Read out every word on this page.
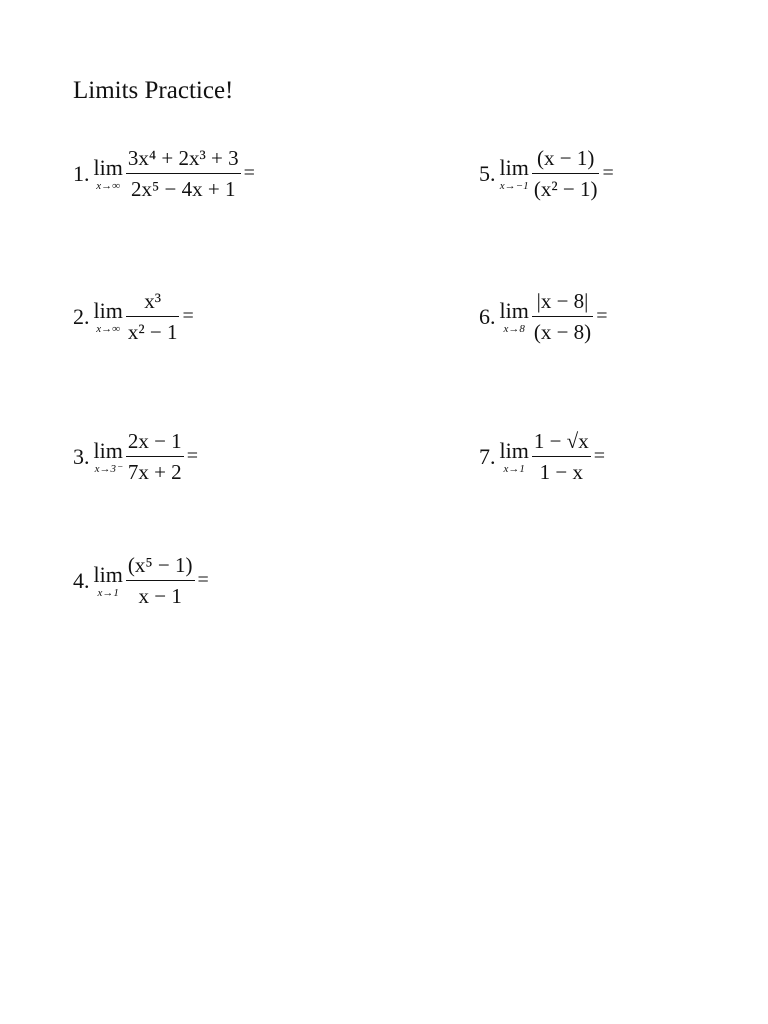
Limits Practice!
1. lim
$x\to\infty \frac{\text{3x⁴ + 2x³ + 3}}{\text{2x⁵ − 4x + 1}}$ =
2. lim
$x\to\infty \frac{\text{x³}}{\text{x² − 1}}$ =
3. lim
$x\to 3^- \frac{2x - 1}{7x + 2}$ =
4. lim
$x\to 1 \frac{\text{(x⁵ − 1)}}{x - 1}$ =
5. lim
$x\to-1 \frac{(x - 1)}{\text{(x² − 1)}}$ =
6. lim
$x\to 8 \frac{|x - 8|}{(x - 8)}$ =
7. lim
$x\to 1 \frac{1 - √x}{1 - x}$ =
